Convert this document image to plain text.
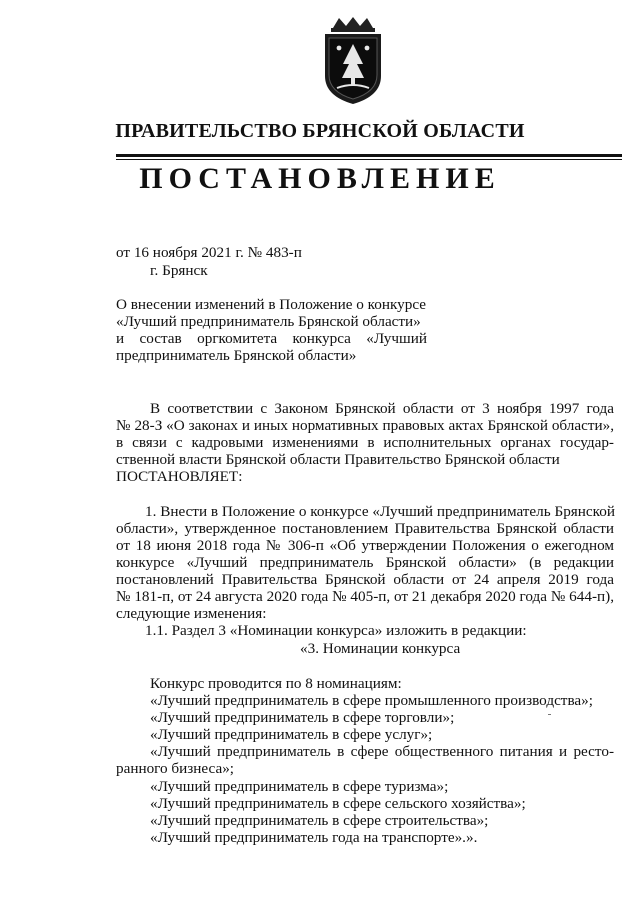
ПРАВИТЕЛЬСТВО БРЯНСКОЙ ОБЛАСТИ
ПОСТАНОВЛЕНИЕ
от 16 ноября 2021 г. № 483-п
г. Брянск
О внесении изменений в Положение о конкурсе
«Лучший предприниматель Брянской области»
и состав оргкомитета конкурса «Лучший
предприниматель Брянской области»
В соответствии с Законом Брянской области от 3 ноября 1997 года
№ 28-З «О законах и иных нормативных правовых актах Брянской области»,
в связи с кадровыми изменениями в исполнительных органах государ-
ственной власти Брянской области Правительство Брянской области
ПОСТАНОВЛЯЕТ:
1. Внести в Положение о конкурсе «Лучший предприниматель Брянской
области», утвержденное постановлением Правительства Брянской области
от 18 июня 2018 года № 306-п «Об утверждении Положения о ежегодном
конкурсе «Лучший предприниматель Брянской области» (в редакции
постановлений Правительства Брянской области от 24 апреля 2019 года
№ 181-п, от 24 августа 2020 года № 405-п, от 21 декабря 2020 года № 644-п),
следующие изменения:
1.1. Раздел 3 «Номинации конкурса» изложить в редакции:
«3. Номинации конкурса
Конкурс проводится по 8 номинациям:
«Лучший предприниматель в сфере промышленного производства»;
«Лучший предприниматель в сфере торговли»;
«Лучший предприниматель в сфере услуг»;
«Лучший предприниматель в сфере общественного питания и ресто-
ранного бизнеса»;
«Лучший предприниматель в сфере туризма»;
«Лучший предприниматель в сфере сельского хозяйства»;
«Лучший предприниматель в сфере строительства»;
«Лучший предприниматель года на транспорте».».
